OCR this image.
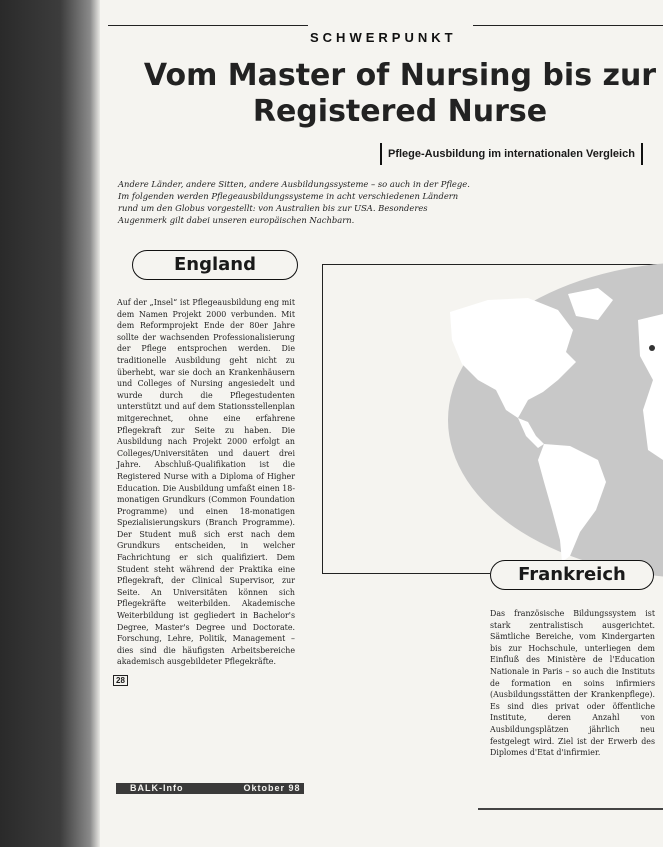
SCHWERPUNKT
Vom Master of Nursing bis zur
Registered Nurse
Pflege-Ausbildung im internationalen Vergleich
Andere Länder, andere Sitten, andere Ausbildungssysteme – so auch in der Pflege. Im folgenden werden Pflegeausbildungssysteme in acht verschiedenen Ländern rund um den Globus vorgestellt: von Australien bis zur USA. Besonderes Augenmerk gilt dabei unseren europäischen Nachbarn.
England
Auf der „Insel“ ist Pflegeausbildung eng mit dem Namen Projekt 2000 verbunden. Mit dem Reformprojekt Ende der 80er Jahre sollte der wachsenden Professionalisierung der Pflege entsprochen werden. Die traditionelle Ausbildung geht nicht zu überhebt, war sie doch an Krankenhäusern und Colleges of Nursing angesiedelt und wurde durch die Pflegestudenten unterstützt und auf dem Stationsstellenplan mitgerechnet, ohne eine erfahrene Pflegekraft zur Seite zu haben. Die Ausbildung nach Projekt 2000 erfolgt an Colleges/Universitäten und dauert drei Jahre. Abschluß-Qualifikation ist die Registered Nurse with a Diploma of Higher Education. Die Ausbildung umfaßt einen 18-monatigen Grundkurs (Common Foundation Programme) und einen 18-monatigen Spezialisierungskurs (Branch Programme). Der Student muß sich erst nach dem Grundkurs entscheiden, in welcher Fachrichtung er sich qualifiziert. Dem Student steht während der Praktika eine Pflegekraft, der Clinical Supervisor, zur Seite. An Universitäten können sich Pflegekräfte weiterbilden. Akademische Weiterbildung ist gegliedert in Bachelor's Degree, Master's Degree und Doctorate. Forschung, Lehre, Politik, Management – dies sind die häufigsten Arbeitsbereiche akademisch ausgebildeter Pflegekräfte.
Frankreich
Das französische Bildungssystem ist stark zentralistisch ausgerichtet. Sämtliche Bereiche, vom Kindergarten bis zur Hochschule, unterliegen dem Einfluß des Ministère de l'Education Nationale in Paris – so auch die Instituts de formation en soins infirmiers (Ausbildungsstätten der Krankenpflege). Es sind dies privat oder öffentliche Institute, deren Anzahl von Ausbildungsplätzen jährlich neu festgelegt wird. Ziel ist der Erwerb des Diplomes d'Etat d'infirmier.
28
BALK-Info	Oktober 98
